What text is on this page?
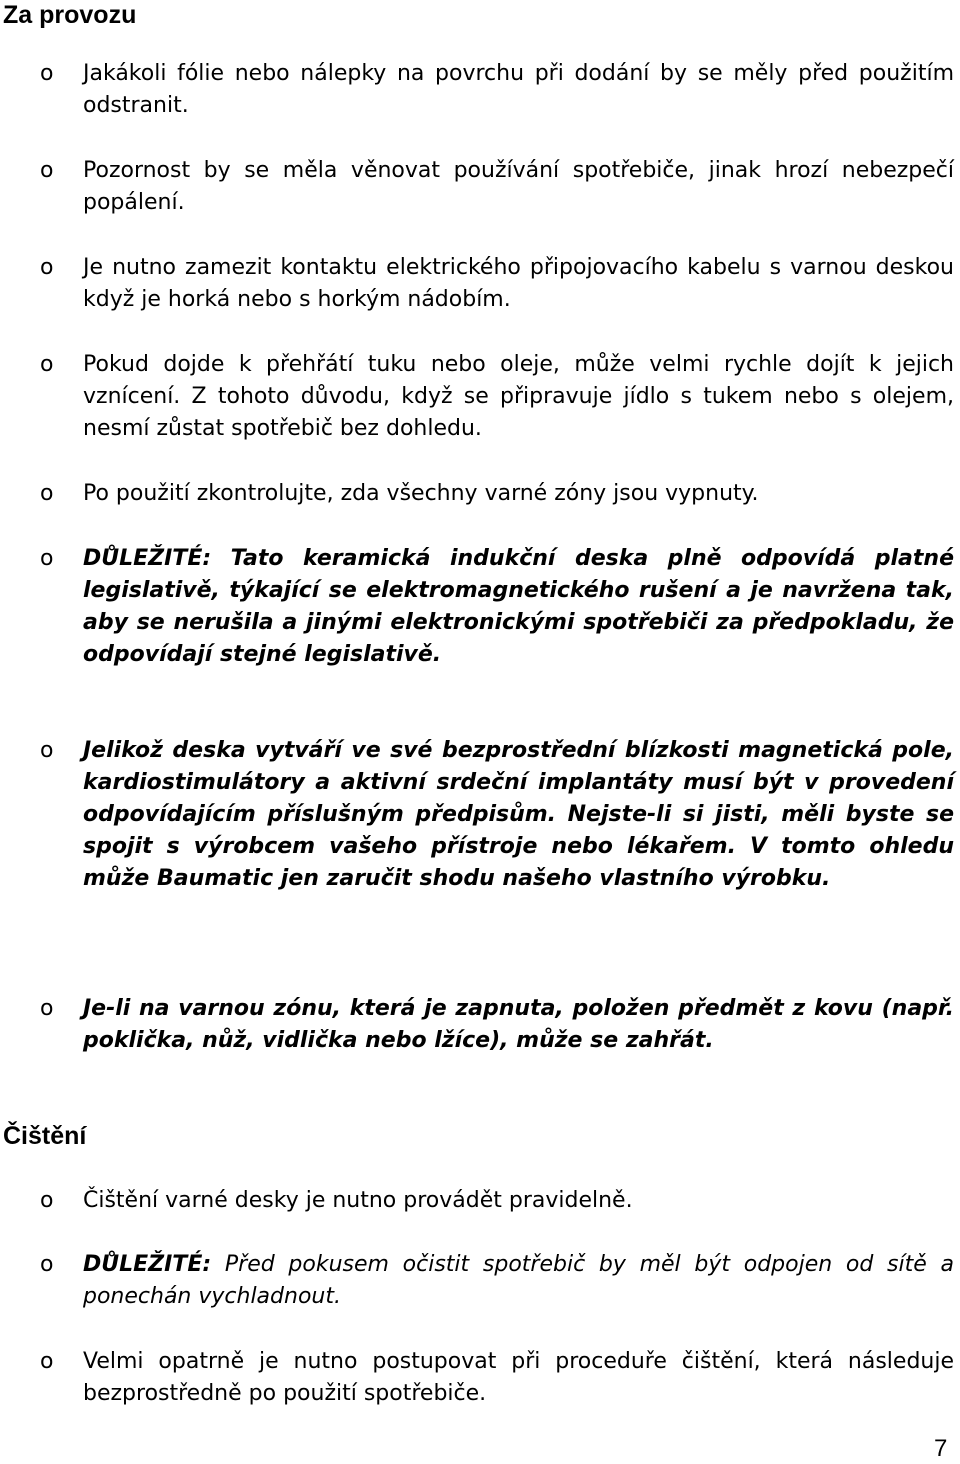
Za provozu
o Jakákoli fólie nebo nálepky na povrchu při dodání by se měly před použitím odstranit.

o Pozornost by se měla věnovat používání spotřebiče, jinak hrozí nebezpečí popálení.

o Je nutno zamezit kontaktu elektrického připojovacího kabelu s varnou deskou když je horká nebo s horkým nádobím.

o Pokud dojde k přehřátí tuku nebo oleje, může velmi rychle dojít k jejich vznícení. Z tohoto důvodu, když se připravuje jídlo s tukem nebo s olejem, nesmí zůstat spotřebič bez dohledu.

o Po použití zkontrolujte, zda všechny varné zóny jsou vypnuty.

o DŮLEŽITÉ: Tato keramická indukční deska plně odpovídá platné legislativě, týkající se elektromagnetického rušení a je navržena tak, aby se nerušila a jinými elektronickými spotřebiči za předpokladu, že odpovídají stejné legislativě.

o Jelikož deska vytváří ve své bezprostřední blízkosti magnetická pole, kardiostimulátory a aktivní srdeční implantáty musí být v provedení odpovídajícím příslušným předpisům. Nejste-li si jisti, měli byste se spojit s výrobcem vašeho přístroje nebo lékařem. V tomto ohledu může Baumatic jen zaručit shodu našeho vlastního výrobku.

o Je-li na varnou zónu, která je zapnuta, položen předmět z kovu (např. poklička, nůž, vidlička nebo lžíce), může se zahřát.

Čištění
o Čištění varné desky je nutno provádět pravidelně.

o DŮLEŽITÉ: Před pokusem očistit spotřebič by měl být odpojen od sítě a ponechán vychladnout.

o Velmi opatrně je nutno postupovat při proceduře čištění, která následuje bezprostředně po použití spotřebiče.

7
